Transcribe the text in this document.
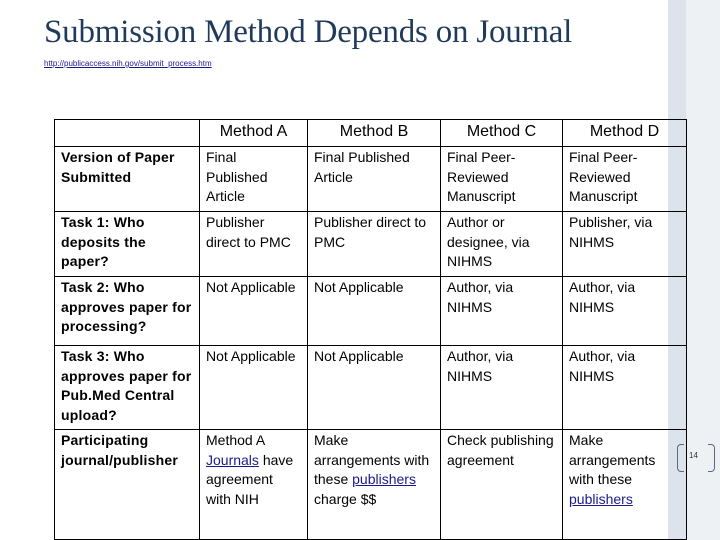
Submission Method Depends on Journal
http://publicaccess.nih.gov/submit_process.htm
	Method A	Method B	Method C	Method D
Version of Paper Submitted	Final Published Article	Final Published Article	Final Peer-Reviewed Manuscript	Final Peer-Reviewed Manuscript
Task 1: Who deposits the paper?	Publisher direct to PMC	Publisher direct to PMC	Author or designee, via NIHMS	Publisher, via NIHMS
Task 2: Who approves paper for processing?	Not Applicable	Not Applicable	Author, via NIHMS	Author, via NIHMS
Task 3: Who approves paper for Pub.Med Central upload?	Not Applicable	Not Applicable	Author, via NIHMS	Author, via NIHMS
Participating journal/publisher	Method A Journals have agreement with NIH	Make arrangements with these publishers charge $$	Check publishing agreement	Make arrangements with these publishers
14
